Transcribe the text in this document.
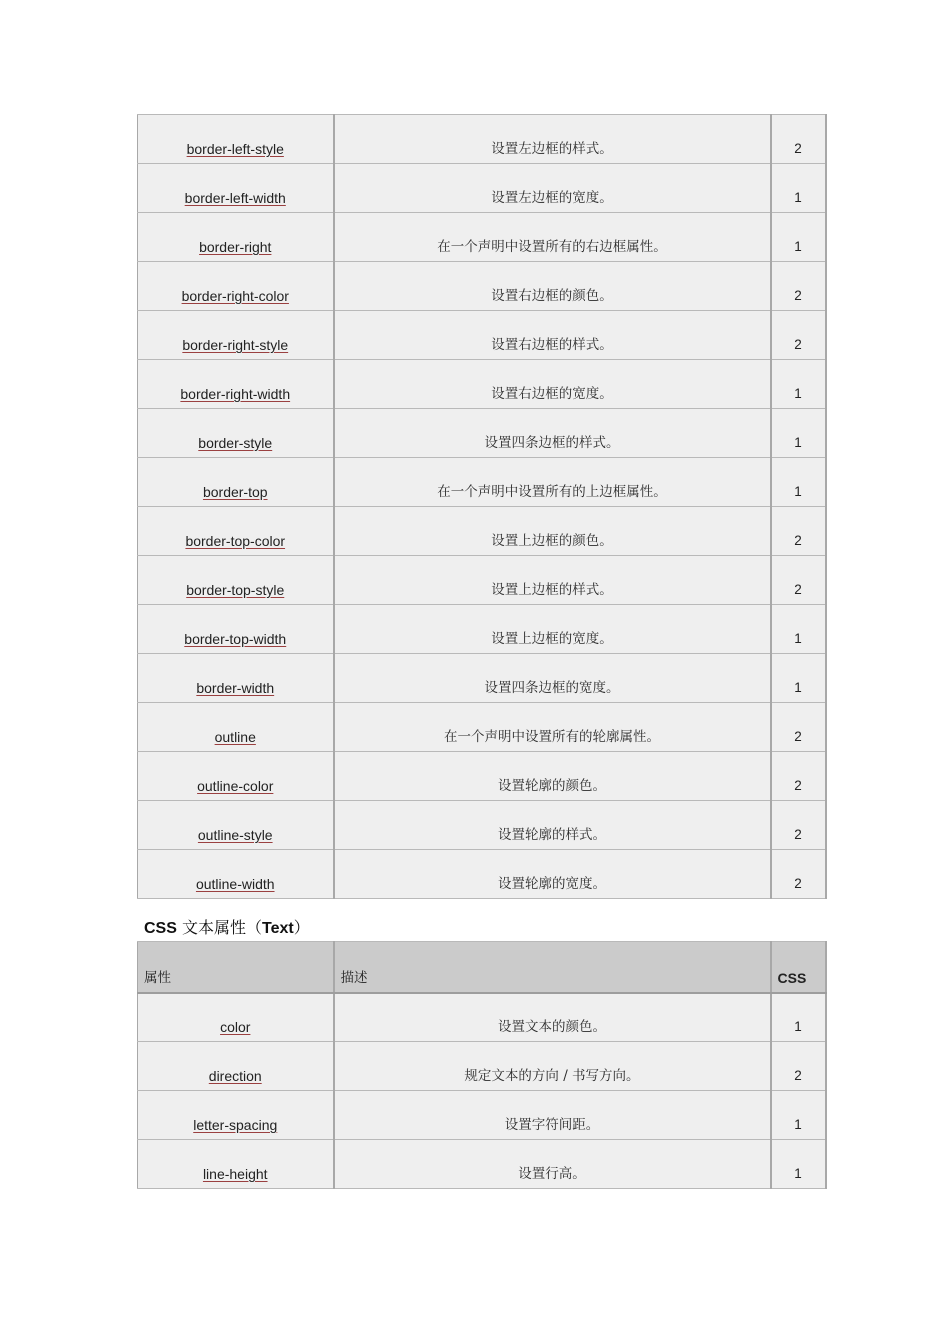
border-left-style	设置左边框的样式。	2
border-left-width	设置左边框的宽度。	1
border-right	在一个声明中设置所有的右边框属性。	1
border-right-color	设置右边框的颜色。	2
border-right-style	设置右边框的样式。	2
border-right-width	设置右边框的宽度。	1
border-style	设置四条边框的样式。	1
border-top	在一个声明中设置所有的上边框属性。	1
border-top-color	设置上边框的颜色。	2
border-top-style	设置上边框的样式。	2
border-top-width	设置上边框的宽度。	1
border-width	设置四条边框的宽度。	1
outline	在一个声明中设置所有的轮廓属性。	2
outline-color	设置轮廓的颜色。	2
outline-style	设置轮廓的样式。	2
outline-width	设置轮廓的宽度。	2
CSS 文本属性（Text）
属性	描述	CSS
color	设置文本的颜色。	1
direction	规定文本的方向 / 书写方向。	2
letter-spacing	设置字符间距。	1
line-height	设置行高。	1
